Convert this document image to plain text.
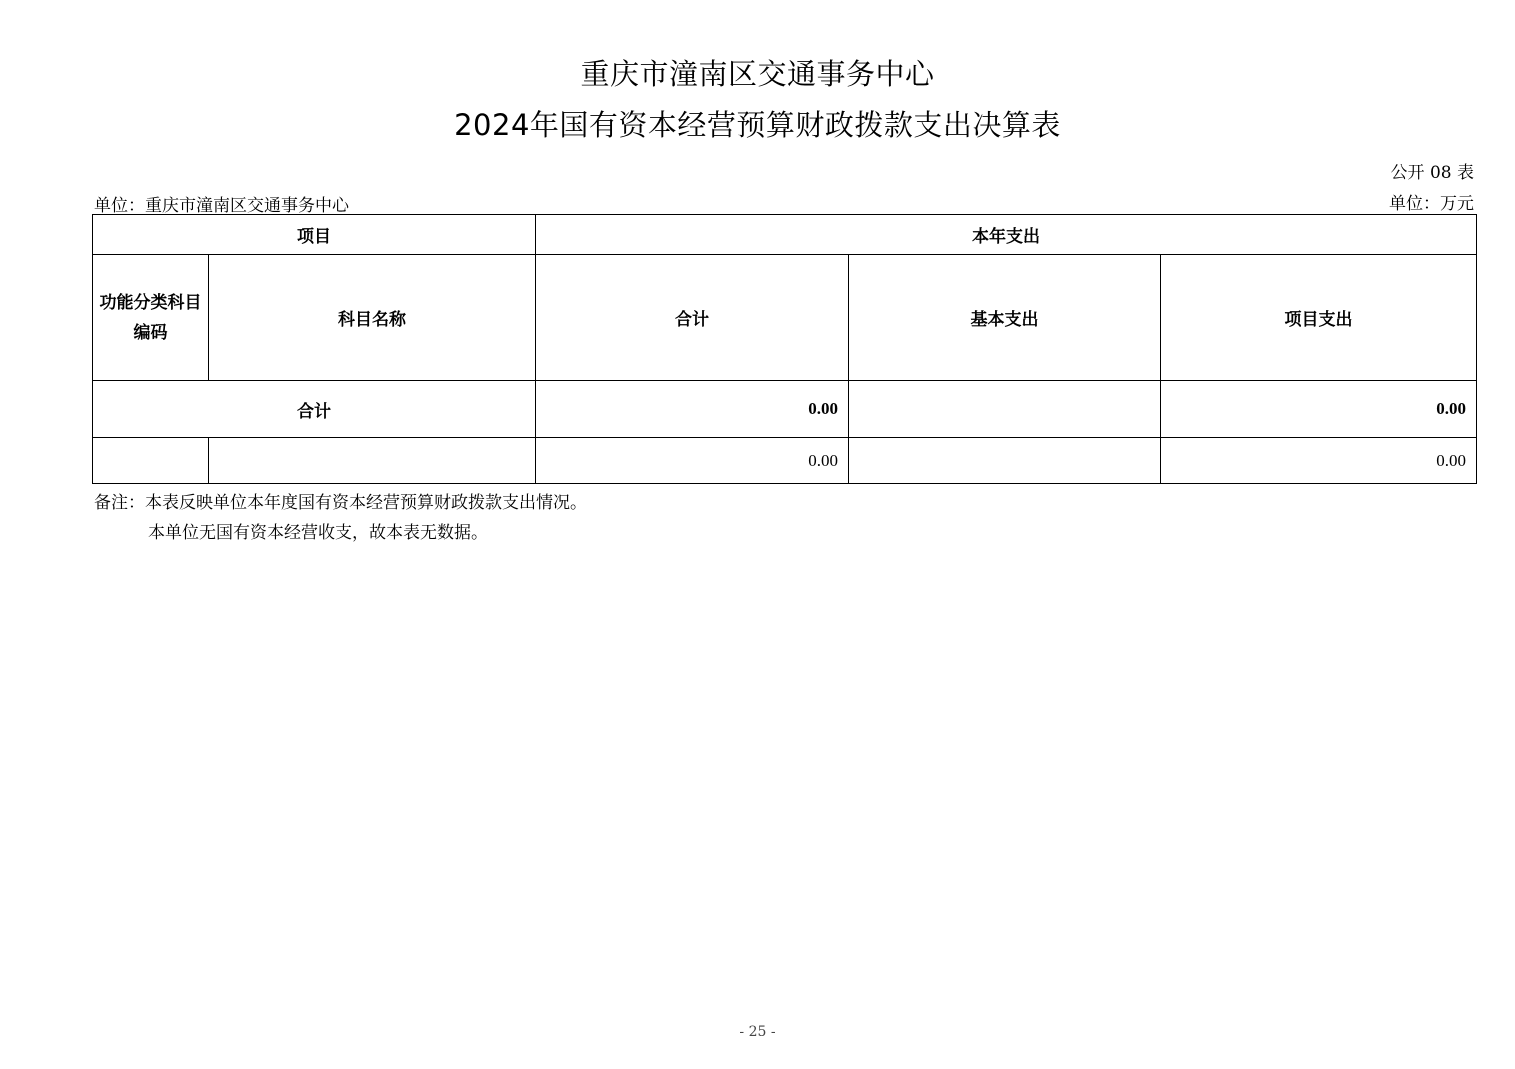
重庆市潼南区交通事务中心
2024年国有资本经营预算财政拨款支出决算表
公开 08 表
单位：重庆市潼南区交通事务中心	单位：万元
项目		本年支出		
功能分类科目编码	科目名称	合计	基本支出	项目支出
合计		0.00		0.00
		0.00		0.00
备注：本表反映单位本年度国有资本经营预算财政拨款支出情况。
本单位无国有资本经营收支，故本表无数据。
- 25 -
